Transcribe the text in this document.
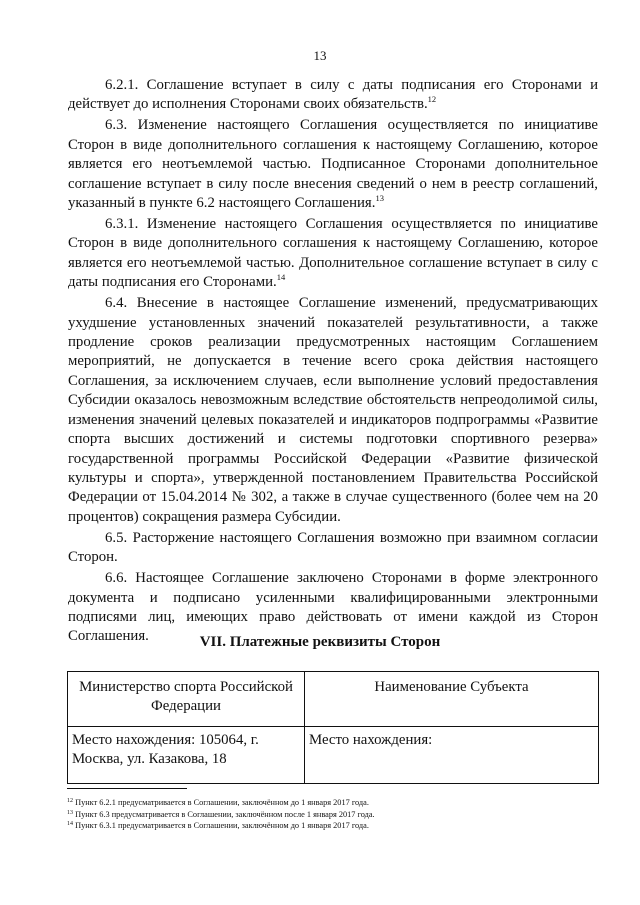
13

6.2.1. Соглашение вступает в силу с даты подписания его Сторонами и действует до исполнения Сторонами своих обязательств.$^{12}$

6.3. Изменение настоящего Соглашения осуществляется по инициативе Сторон в виде дополнительного соглашения к настоящему Соглашению, которое является его неотъемлемой частью. Подписанное Сторонами дополнительное соглашение вступает в силу после внесения сведений о нем в реестр соглашений, указанный в пункте 6.2 настоящего Соглашения.$^{13}$

6.3.1. Изменение настоящего Соглашения осуществляется по инициативе Сторон в виде дополнительного соглашения к настоящему Соглашению, которое является его неотъемлемой частью. Дополнительное соглашение вступает в силу с даты подписания его Сторонами.$^{14}$

6.4. Внесение в настоящее Соглашение изменений, предусматривающих ухудшение установленных значений показателей результативности, а также продление сроков реализации предусмотренных настоящим Соглашением мероприятий, не допускается в течение всего срока действия настоящего Соглашения, за исключением случаев, если выполнение условий предоставления Субсидии оказалось невозможным вследствие обстоятельств непреодолимой силы, изменения значений целевых показателей и индикаторов подпрограммы «Развитие спорта высших достижений и системы подготовки спортивного резерва» государственной программы Российской Федерации «Развитие физической культуры и спорта», утвержденной постановлением Правительства Российской Федерации от 15.04.2014 № 302, а также в случае существенного (более чем на 20 процентов) сокращения размера Субсидии.

6.5. Расторжение настоящего Соглашения возможно при взаимном согласии Сторон.

6.6. Настоящее Соглашение заключено Сторонами в форме электронного документа и подписано усиленными квалифицированными электронными подписями лиц, имеющих право действовать от имени каждой из Сторон Соглашения.	VII. Платежные реквизиты Сторон
Министерство спорта Российской Федерации	Наименование Субъекта
Место нахождения: 105064, г. Москва, ул. Казакова, 18	Место нахождения:
$^{12}$ Пункт 6.2.1 предусматривается в Соглашении, заключённом до 1 января 2017 года.
$^{13}$ Пункт 6.3 предусматривается в Соглашении, заключённом после 1 января 2017 года.
$^{14}$ Пункт 6.3.1 предусматривается в Соглашении, заключённом до 1 января 2017 года.
